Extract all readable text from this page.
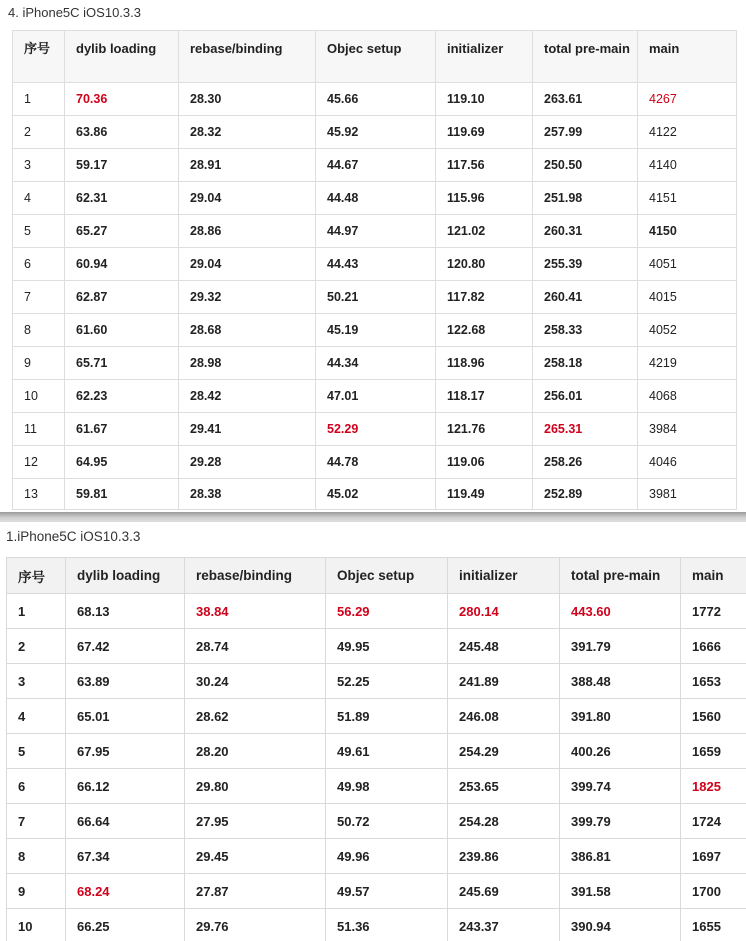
4. iPhone5C iOS10.3.3
序号	dylib loading	rebase/binding	Objec setup	initializer	total pre-main	main
1	70.36	28.30	45.66	119.10	263.61	4267
2	63.86	28.32	45.92	119.69	257.99	4122
3	59.17	28.91	44.67	117.56	250.50	4140
4	62.31	29.04	44.48	115.96	251.98	4151
5	65.27	28.86	44.97	121.02	260.31	4150
6	60.94	29.04	44.43	120.80	255.39	4051
7	62.87	29.32	50.21	117.82	260.41	4015
8	61.60	28.68	45.19	122.68	258.33	4052
9	65.71	28.98	44.34	118.96	258.18	4219
10	62.23	28.42	47.01	118.17	256.01	4068
11	61.67	29.41	52.29	121.76	265.31	3984
12	64.95	29.28	44.78	119.06	258.26	4046
13	59.81	28.38	45.02	119.49	252.89	3981
1.iPhone5C iOS10.3.3
序号	dylib loading	rebase/binding	Objec setup	initializer	total pre-main	main
1	68.13	38.84	56.29	280.14	443.60	1772
2	67.42	28.74	49.95	245.48	391.79	1666
3	63.89	30.24	52.25	241.89	388.48	1653
4	65.01	28.62	51.89	246.08	391.80	1560
5	67.95	28.20	49.61	254.29	400.26	1659
6	66.12	29.80	49.98	253.65	399.74	1825
7	66.64	27.95	50.72	254.28	399.79	1724
8	67.34	29.45	49.96	239.86	386.81	1697
9	68.24	27.87	49.57	245.69	391.58	1700
10	66.25	29.76	51.36	243.37	390.94	1655
